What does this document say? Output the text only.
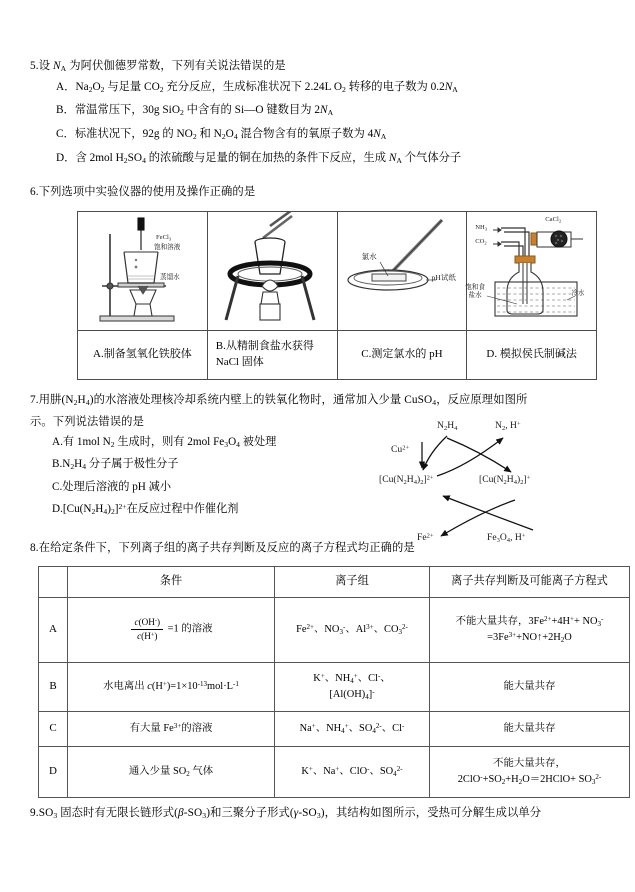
5.设 $N_A$ 为阿伏伽德罗常数，下列有关说法错误的是
A．$Na_2O_2$ 与足量 $CO_2$ 充分反应，生成标准状况下 2.24L $O_2$ 转移的电子数为 $0.2N_A$
B．常温常压下，30g SiO$_2$ 中含有的 Si—O 键数目为 $2N_A$
C．标准状况下，92g 的 $NO_2$ 和 $N_2O_4$ 混合物含有的氧原子数为 $4N_A$
D．含 2mol $H_2SO_4$ 的浓硫酸与足量的铜在加热的条件下反应，生成 $N_A$ 个气体分子
6.下列选项中实验仪器的使用及操作正确的是
FeCl$_3$
饱和溶液
蒸馏水

氯水
pH试纸

$NH_3$
$CO_2$
CaCl$_2$
饱和食
盐水	冷水

A.制备氢氧化铁胶体	B.从精制食盐水获得
NaCl 固体	C.测定氯水的 pH	D. 模拟侯氏制碱法
7.用肼$(N_2H_4)$的水溶液处理核冷却系统内壁上的铁氧化物时，通常加入少量 CuSO$_4$，反应原理如图所
示。下列说法错误的是
A.有 1mol $N_2$ 生成时，则有 2mol $Fe_3O_4$ 被处理
$B.N_2H_4$ 分子属于极性分子
C.处理后溶液的 pH 减小
$D.[Cu(N_2H_4)_2]^{2+}$在反应过程中作催化剂
$N_2H_4$	$N_2$, H+
$Cu^{2+}$
$[Cu(N_2H_4)_2]^{2+}$	$[Cu(N_2H_4)_2]^+$
$Fe^{2+}$	$Fe_3O_4$, H+
8.在给定条件下，下列离子组的离子共存判断及反应的离子方程式均正确的是
	条件	离子组	离子共存判断及可能离子方程式
A	$\frac{c(OH^-)}{c(H^+)} =1$ 的溶液	$Fe^{2+}$、$NO_3^-$、$Al^{3+}$、$CO_3^{2-}$	不能大量共存，$3Fe^{2+}+4H^++ NO_3^-$
$=3Fe^{3+}+NO↑+2H_2O$
B	水电离出 $c(H^+)=1\times 10^{-13}mol\cdot L^{-1}$	K+、$NH_4^+$、Cl-、
$[Al(OH)_4]^-$	能大量共存
C	有大量 $Fe^{3+}$的溶液	Na+、$NH_4^+$、$SO_4^{2-}$、Cl-	能大量共存
D	通入少量 $SO_2$ 气体	K+、Na+、ClO-、$SO_4^{2-}$	不能大量共存，
$2ClO^-+SO_2+H_2O=2HClO+ SO_3^{2-}$
$9.SO_3$ 固态时有无限长链形式$(\beta-SO_3)$和三聚分子形式$(\gamma-SO_3)$，其结构如图所示，受热可分解生成以单分
